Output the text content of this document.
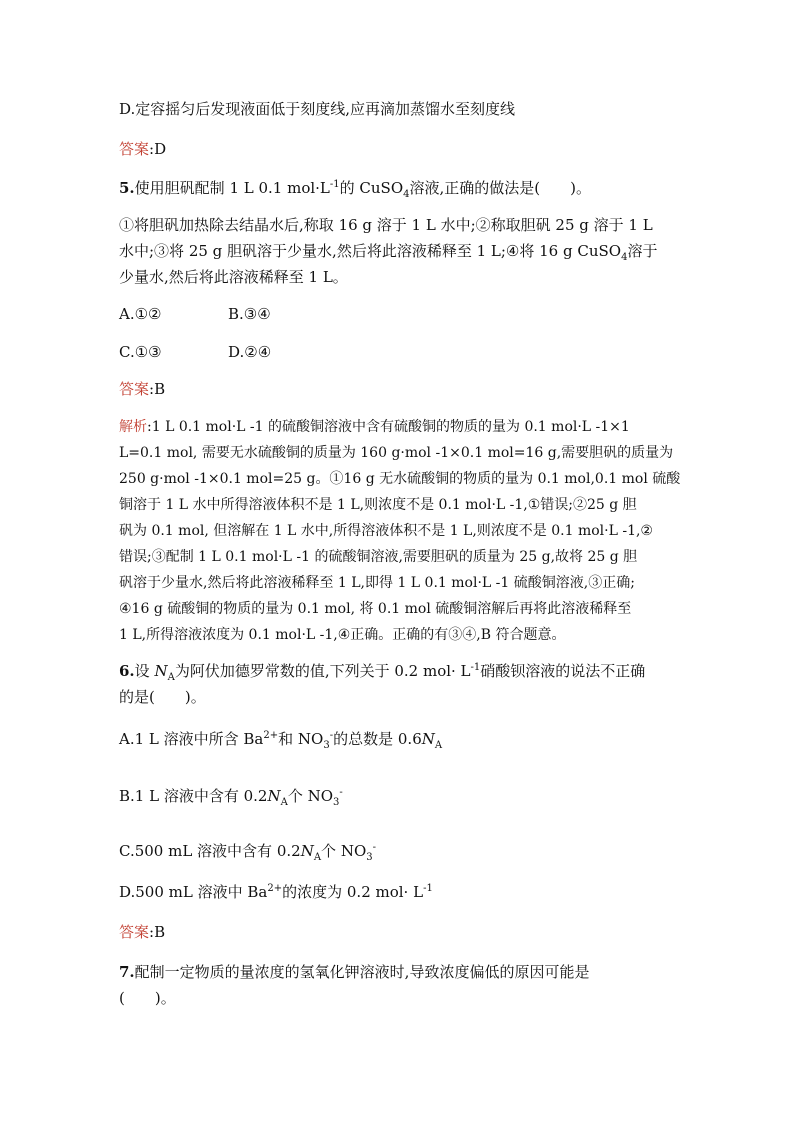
D.定容摇匀后发现液面低于刻度线,应再滴加蒸馏水至刻度线
答案:D
5.使用胆矾配制 1 L 0.1 $mol\cdot L^{-1}$的 CuSO$_4$溶液,正确的做法是(　　)。
①将胆矾加热除去结晶水后,称取 16 g 溶于 1 L 水中;②称取胆矾 25 g 溶于 1 L
水中;③将 25 g 胆矾溶于少量水,然后将此溶液稀释至 1 L;④将 16 g CuSO$_4$溶于
少量水,然后将此溶液稀释至 1 L。
A.①②	B.③④
C.①③	D.②④
答案:B
解析:1 L 0.1 mol·L -1 的硫酸铜溶液中含有硫酸铜的物质的量为 0.1 mol·L -1×1
L=0.1 mol, 需要无水硫酸铜的质量为 160 g·mol -1×0.1 mol=16 g,需要胆矾的质量为
250 g·mol -1×0.1 mol=25 g。①16 g 无水硫酸铜的物质的量为 0.1 mol,0.1 mol 硫酸
铜溶于 1 L 水中所得溶液体积不是 1 L,则浓度不是 0.1 mol·L -1,①错误;②25 g 胆
矾为 0.1 mol, 但溶解在 1 L 水中,所得溶液体积不是 1 L,则浓度不是 0.1 mol·L -1,②
错误;③配制 1 L 0.1 mol·L -1 的硫酸铜溶液,需要胆矾的质量为 25 g,故将 25 g 胆
矾溶于少量水,然后将此溶液稀释至 1 L,即得 1 L 0.1 mol·L -1 硫酸铜溶液,③正确;
④16 g 硫酸铜的物质的量为 0.1 mol, 将 0.1 mol 硫酸铜溶解后再将此溶液稀释至
1 L,所得溶液浓度为 0.1 mol·L -1,④正确。正确的有③④,B 符合题意。
6.设 $N_A$为阿伏加德罗常数的值,下列关于 0.2 $mol\cdot L^{-1}$硝酸钡溶液的说法不正确
的是(　　)。
A.1 L 溶液中所含 $Ba^{2+}$和 $NO_3^-$的总数是 $0.6N_A$
B.1 L 溶液中含有 $0.2N_A$个 $NO_3^-$
C.500 mL 溶液中含有 $0.2N_A$个 $NO_3^-$
D.500 mL 溶液中 $Ba^{2+}$的浓度为 0.2 $mol\cdot L^{-1}$
答案:B
7.配制一定物质的量浓度的氢氧化钾溶液时,导致浓度偏低的原因可能是
(　　)。
